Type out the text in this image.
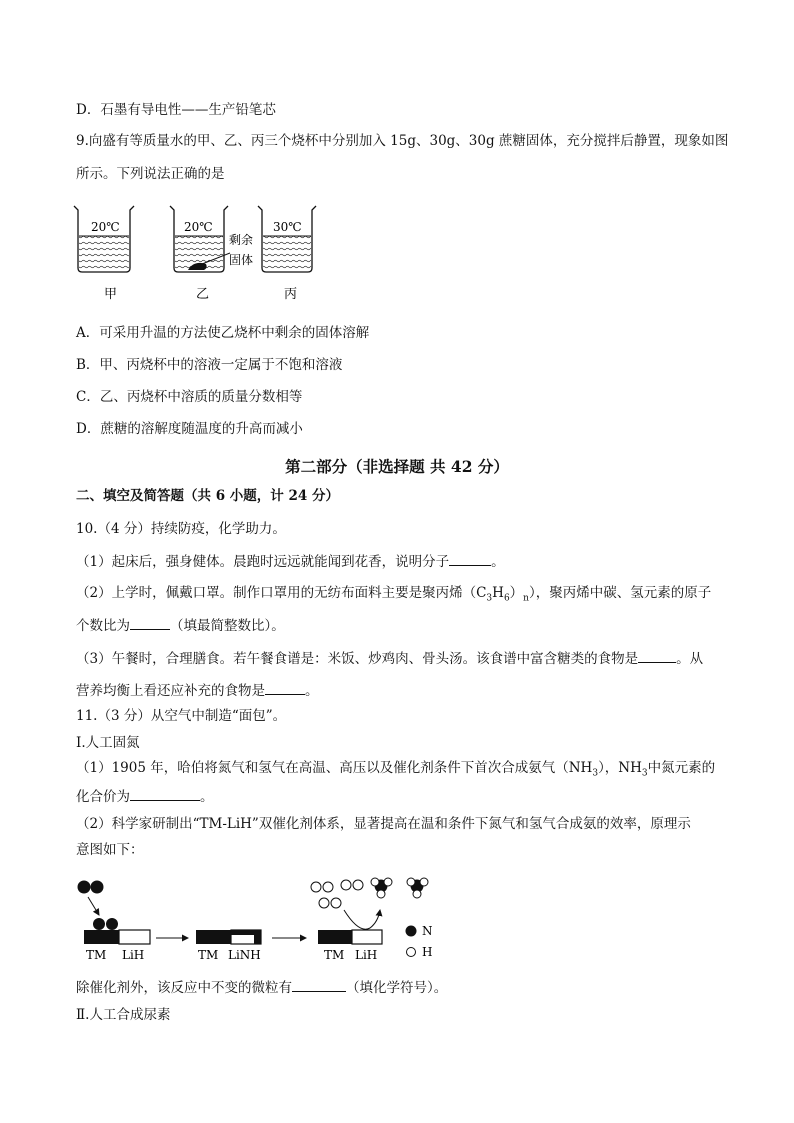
D．石墨有导电性——生产铅笔芯
9.向盛有等质量水的甲、乙、丙三个烧杯中分别加入 15g、30g、30g 蔗糖固体，充分搅拌后静置，现象如图
所示。下列说法正确的是
20℃
甲
20℃
剩余
固体
乙
30℃
丙
A．可采用升温的方法使乙烧杯中剩余的固体溶解
B．甲、丙烧杯中的溶液一定属于不饱和溶液
C．乙、丙烧杯中溶质的质量分数相等
D．蔗糖的溶解度随温度的升高而减小
第二部分（非选择题 共 42 分）
二、填空及简答题（共 6 小题，计 24 分）
10.（4 分）持续防疫，化学助力。
（1）起床后，强身健体。晨跑时远远就能闻到花香，说明分子	。
（2）上学时，佩戴口罩。制作口罩用的无纺布面料主要是聚丙烯$(C_3H_6)_n$），聚丙烯中碳、氢元素的原子
个数比为	（填最简整数比）。
（3）午餐时，合理膳食。若午餐食谱是：米饭、炒鸡肉、骨头汤。该食谱中富含糖类的食物是	。从
营养均衡上看还应补充的食物是	。
11.（3 分）从空气中制造“面包”。
I.人工固氮
（1）1905 年，哈伯将氮气和氢气在高温、高压以及催化剂条件下首次合成氨气$(NH_3)$，$NH_3$中氮元素的
化合价为	。
（2）科学家研制出“TM-LiH”双催化剂体系，显著提高在温和条件下氮气和氢气合成氨的效率，原理示
意图如下：
TM LiH	TM LiNH	TM LiH
N
H
除催化剂外，该反应中不变的微粒有	（填化学符号）。
Ⅱ.人工合成尿素
